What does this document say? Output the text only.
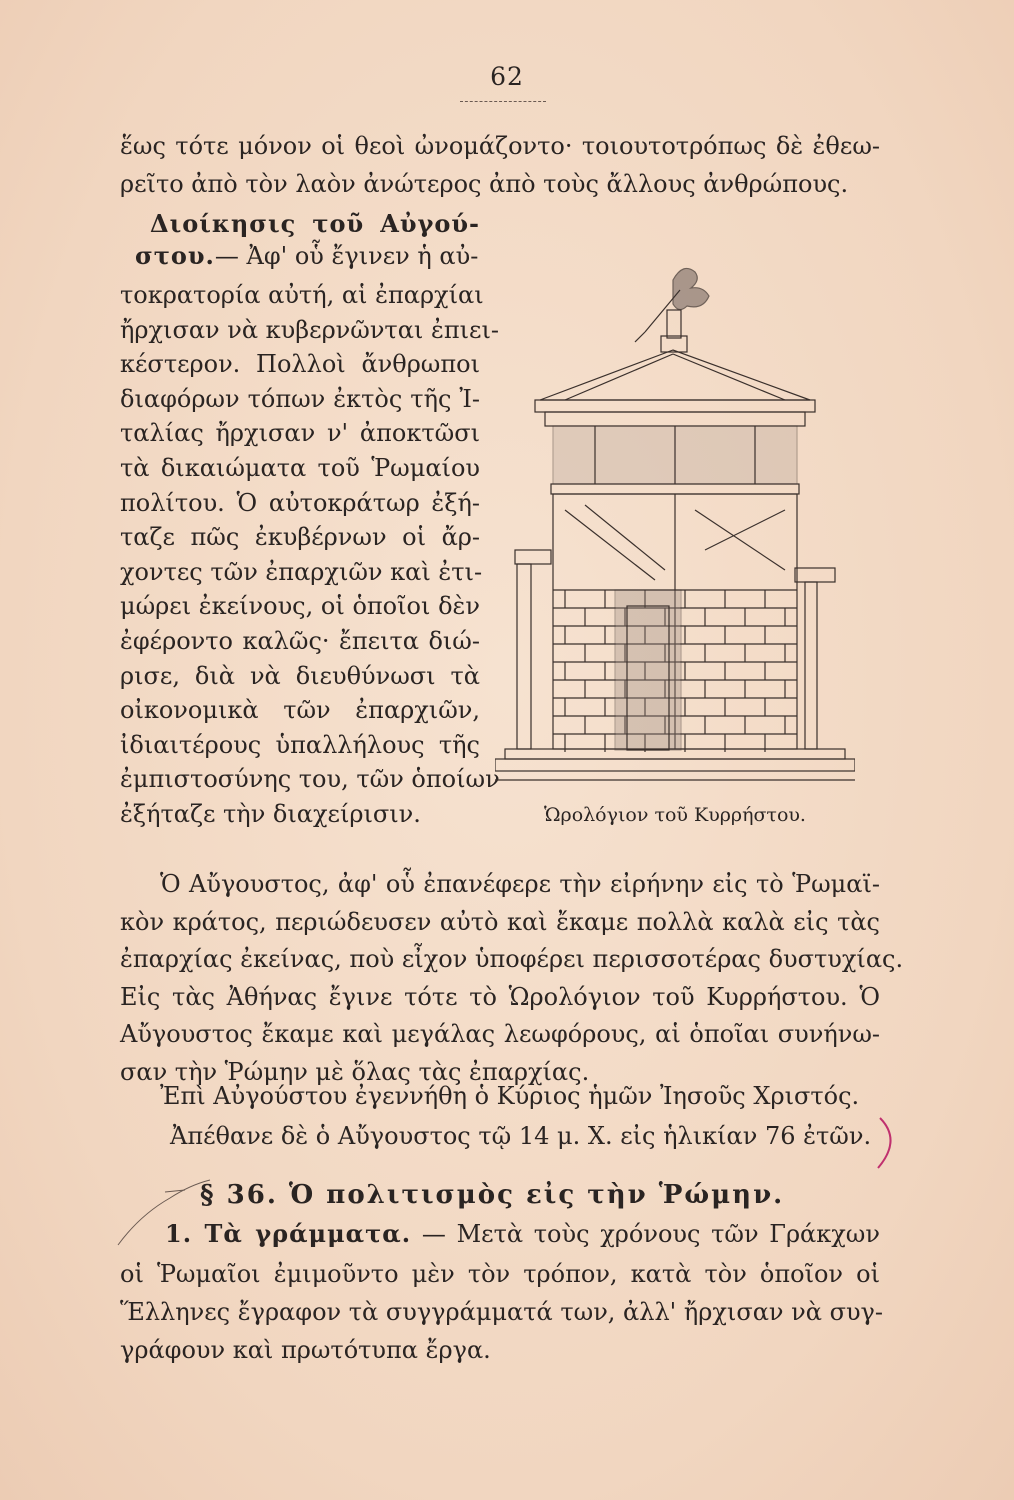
62
ἕως τότε μόνον οἱ θεοὶ ὠνομάζοντο· τοιουτοτρόπως δὲ ἐθεω-
ρεῖτο ἀπὸ τὸν λαὸν ἀνώτερος ἀπὸ τοὺς ἄλλους ἀνθρώπους.
Διοίκησις τοῦ Αὐγού-
στου.— Ἀφ' οὗ ἔγινεν ἡ αὐ-
τοκρατορία αὐτή, αἱ ἐπαρχίαι
ἤρχισαν νὰ κυβερνῶνται ἐπιει-
κέστερον. Πολλοὶ ἄνθρωποι
διαφόρων τόπων ἐκτὸς τῆς Ἰ-
ταλίας ἤρχισαν ν' ἀποκτῶσι
τὰ δικαιώματα τοῦ Ῥωμαίου
πολίτου. Ὁ αὐτοκράτωρ ἐξή-
ταζε πῶς ἐκυβέρνων οἱ ἄρ-
χοντες τῶν ἐπαρχιῶν καὶ ἐτι-
μώρει ἐκείνους, οἱ ὁποῖοι δὲν
ἐφέροντο καλῶς· ἔπειτα διώ-
ρισε, διὰ νὰ διευθύνωσι τὰ
οἰκονομικὰ τῶν ἐπαρχιῶν,
ἰδιαιτέρους ὑπαλλήλους τῆς
ἐμπιστοσύνης του, τῶν ὁποίων
ἐξήταζε τὴν διαχείρισιν.	Ὡρολόγιον τοῦ Κυρρήστου.
Ὁ Αὔγουστος, ἀφ' οὗ ἐπανέφερε τὴν εἰρήνην εἰς τὸ Ῥωμαϊ-
κὸν κράτος, περιώδευσεν αὐτὸ καὶ ἔκαμε πολλὰ καλὰ εἰς τὰς
ἐπαρχίας ἐκείνας, ποὺ εἶχον ὑποφέρει περισσοτέρας δυστυχίας.
Εἰς τὰς Ἀθήνας ἔγινε τότε τὸ Ὡρολόγιον τοῦ Κυρρήστου. Ὁ
Αὔγουστος ἔκαμε καὶ μεγάλας λεωφόρους, αἱ ὁποῖαι συνήνω-
σαν τὴν Ῥώμην μὲ ὅλας τὰς ἐπαρχίας.
Ἐπὶ Αὐγούστου ἐγεννήθη ὁ Κύριος ἡμῶν Ἰησοῦς Χριστός.
Ἀπέθανε δὲ ὁ Αὔγουστος τῷ 14 μ. Χ. εἰς ἡλικίαν 76 ἐτῶν.
§ 36. Ὁ πολιτισμὸς εἰς τὴν Ῥώμην.
1. Τὰ γράμματα. — Μετὰ τοὺς χρόνους τῶν Γράκχων
οἱ Ῥωμαῖοι ἐμιμοῦντο μὲν τὸν τρόπον, κατὰ τὸν ὁποῖον οἱ
Ἕλληνες ἔγραφον τὰ συγγράμματά των, ἀλλ' ἤρχισαν νὰ συγ-
γράφουν καὶ πρωτότυπα ἔργα.
